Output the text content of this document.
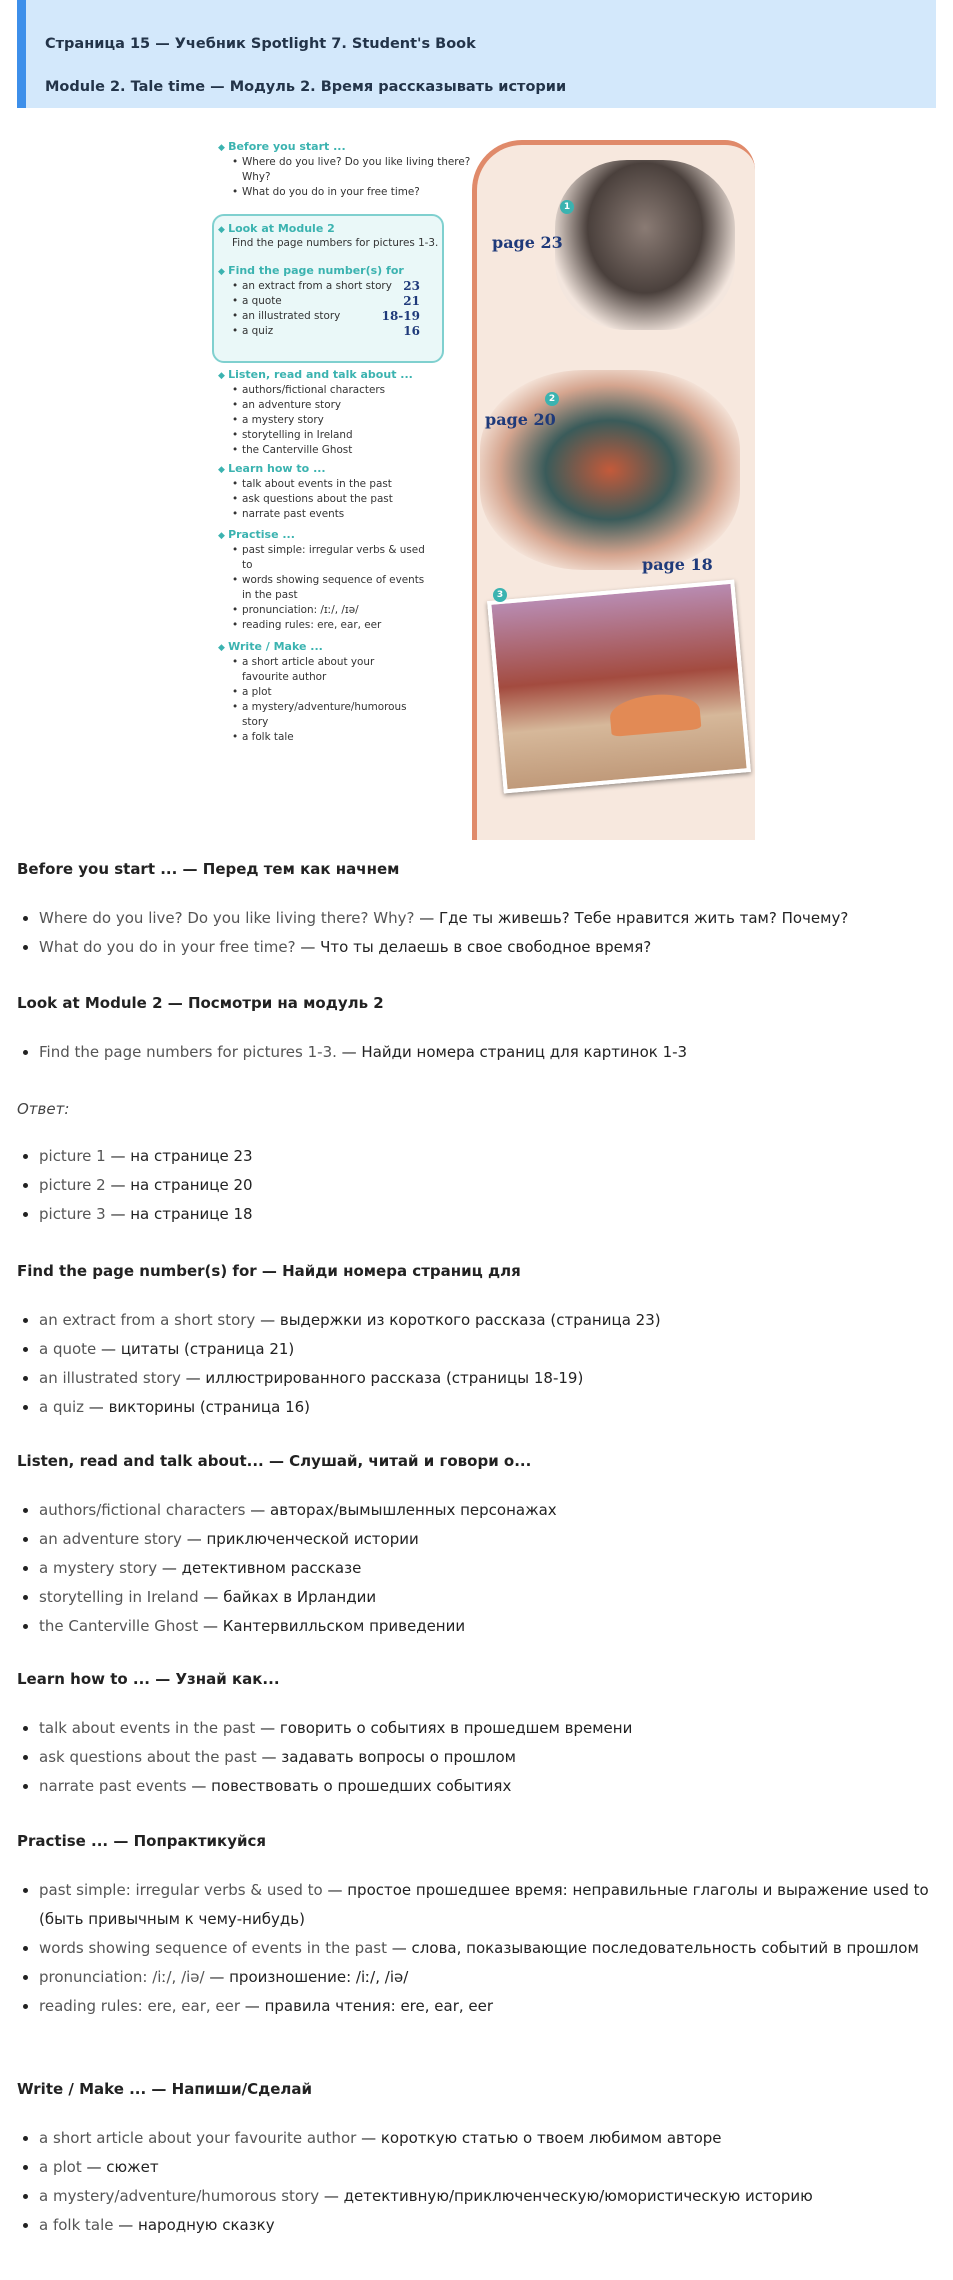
Страница 15 — Учебник Spotlight 7. Student's Book
Module 2. Tale time — Модуль 2. Время рассказывать истории
1
page 23
2
page 20
page 18
3
◆ Before you start ...
• Where do you live? Do you like living there? Why?
• What do you do in your free time?
◆ Look at Module 2
Find the page numbers for pictures 1-3.
◆ Find the page number(s) for
• an extract from a short story 23
• a quote	21
• an illustrated story	18-19
• a quiz	16
◆ Listen, read and talk about ...
• authors/fictional characters
• an adventure story
• a mystery story
• storytelling in Ireland
• the Canterville Ghost
◆ Learn how to ...
• talk about events in the past
• ask questions about the past
• narrate past events
◆ Practise ...
• past simple: irregular verbs & used to
• words showing sequence of events in the past
• pronunciation: /ɪː/, /ɪə/
• reading rules: ere, ear, eer
◆ Write / Make ...
• a short article about your favourite author
• a plot
• a mystery/adventure/humorous story
• a folk tale
Before you start ... — Перед тем как начнем
Where do you live? Do you like living there? Why? — Где ты живешь? Тебе нравится жить там? Почему?
What do you do in your free time? — Что ты делаешь в свое свободное время?
Look at Module 2 — Посмотри на модуль 2
Find the page numbers for pictures 1-3. — Найди номера страниц для картинок 1-3
Ответ:
picture 1 — на странице 23
picture 2 — на странице 20
picture 3 — на странице 18
Find the page number(s) for — Найди номера страниц для
an extract from a short story — выдержки из короткого рассказа (страница 23)
a quote — цитаты (страница 21)
an illustrated story — иллюстрированного рассказа (страницы 18-19)
a quiz — викторины (страница 16)
Listen, read and talk about... — Слушай, читай и говори о...
authors/fictional characters — авторах/вымышленных персонажах
an adventure story — приключенческой истории
a mystery story — детективном рассказе
storytelling in Ireland — байках в Ирландии
the Canterville Ghost — Кантервилльском приведении
Learn how to ... — Узнай как...
talk about events in the past — говорить о событиях в прошедшем времени
ask questions about the past — задавать вопросы о прошлом
narrate past events — повествовать о прошедших событиях
Practise ... — Попрактикуйся
past simple: irregular verbs & used to — простое прошедшее время: неправильные глаголы и выражение used to (быть привычным к чему-нибудь)
words showing sequence of events in the past — слова, показывающие последовательность событий в прошлом
pronunciation: /iː/, /iə/ — произношение: /iː/, /iə/
reading rules: ere, ear, eer — правила чтения: ere, ear, eer
Write / Make ... — Напиши/Сделай
a short article about your favourite author — короткую статью о твоем любимом авторе
a plot — сюжет
a mystery/adventure/humorous story — детективную/приключенческую/юмористическую историю
a folk tale — народную сказку
